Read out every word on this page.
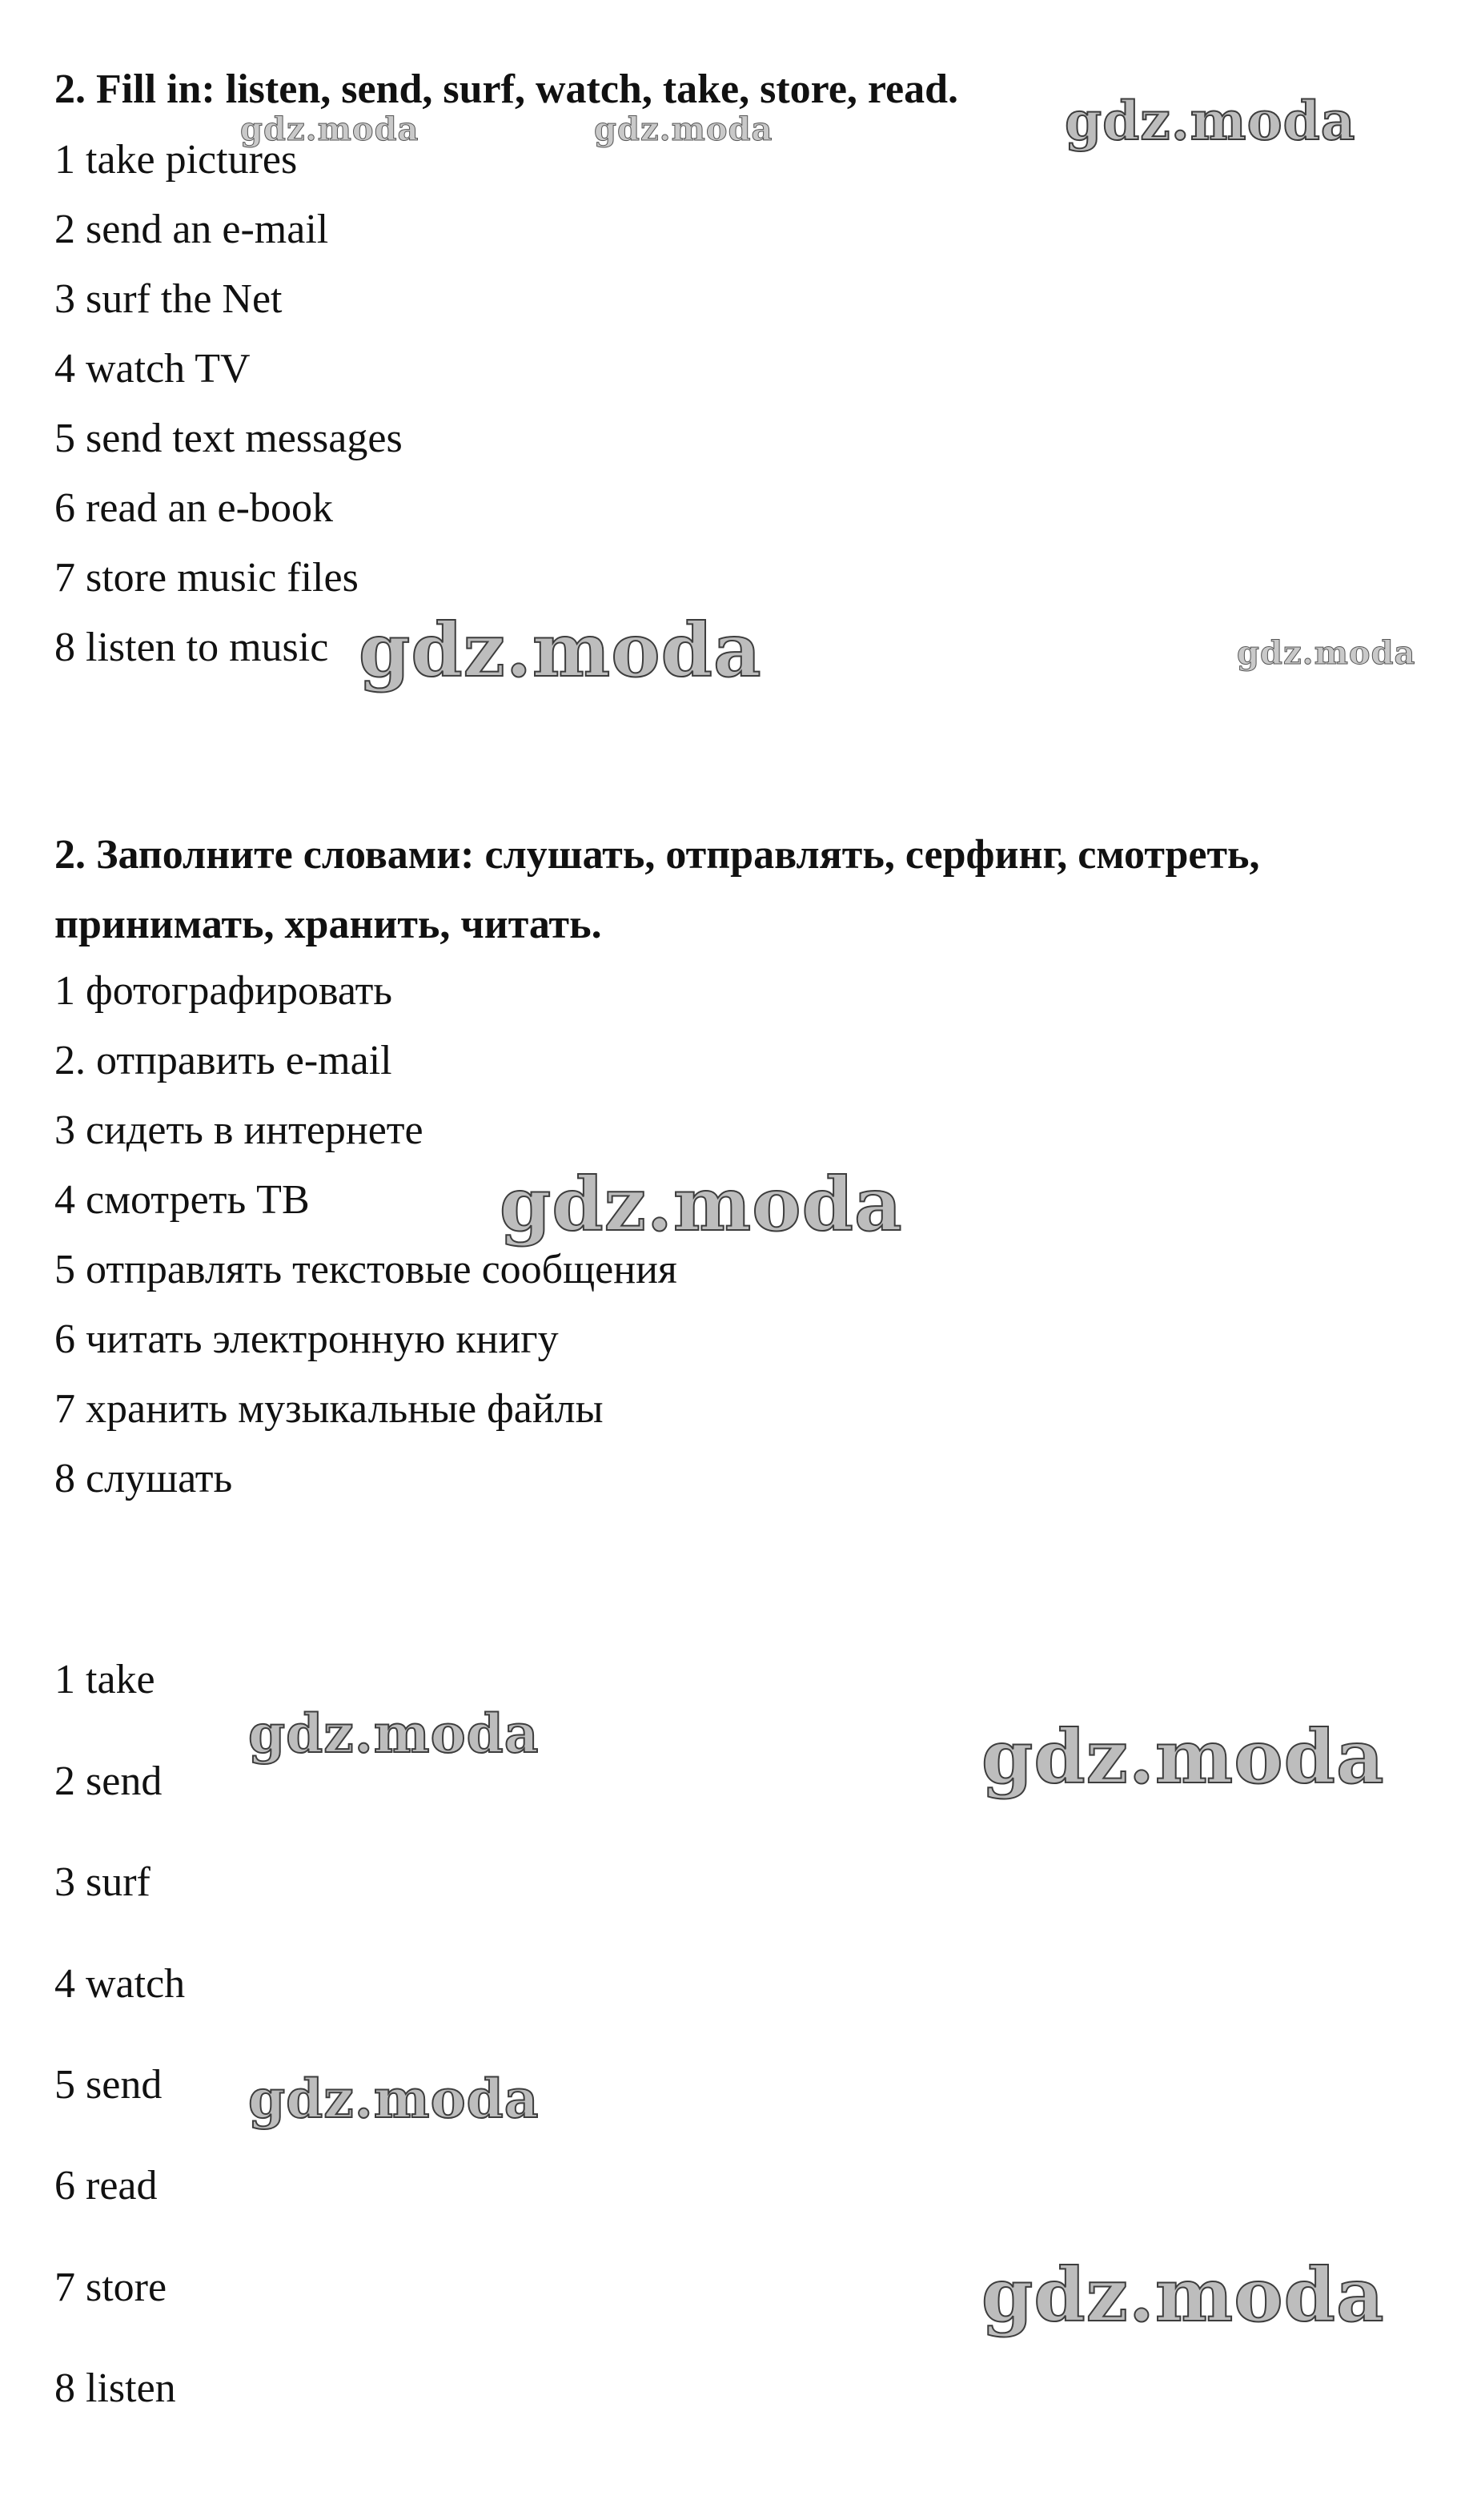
2. Fill in: listen, send, surf, watch, take, store, read.

1 take pictures

2 send an e-mail

3 surf the Net

4 watch TV

5 send text messages

6 read an e-book

7 store music files

8 listen to music

2. Заполните словами: слушать, отправлять, серфинг, смотреть,

принимать, хранить, читать.

1 фотографировать

2. отправить e-mail

3 сидеть в интернете

4 смотреть ТВ

5 отправлять текстовые сообщения

6 читать электронную книгу

7 хранить музыкальные файлы

8 слушать

1 take

2 send

3 surf

4 watch

5 send

6 read

7 store

8 listen

gdz.moda	gdz.moda	gdz.moda
gdz.moda	gdz.moda
gdz.moda
gdz.moda	gdz.moda
gdz.moda
gdz.moda
